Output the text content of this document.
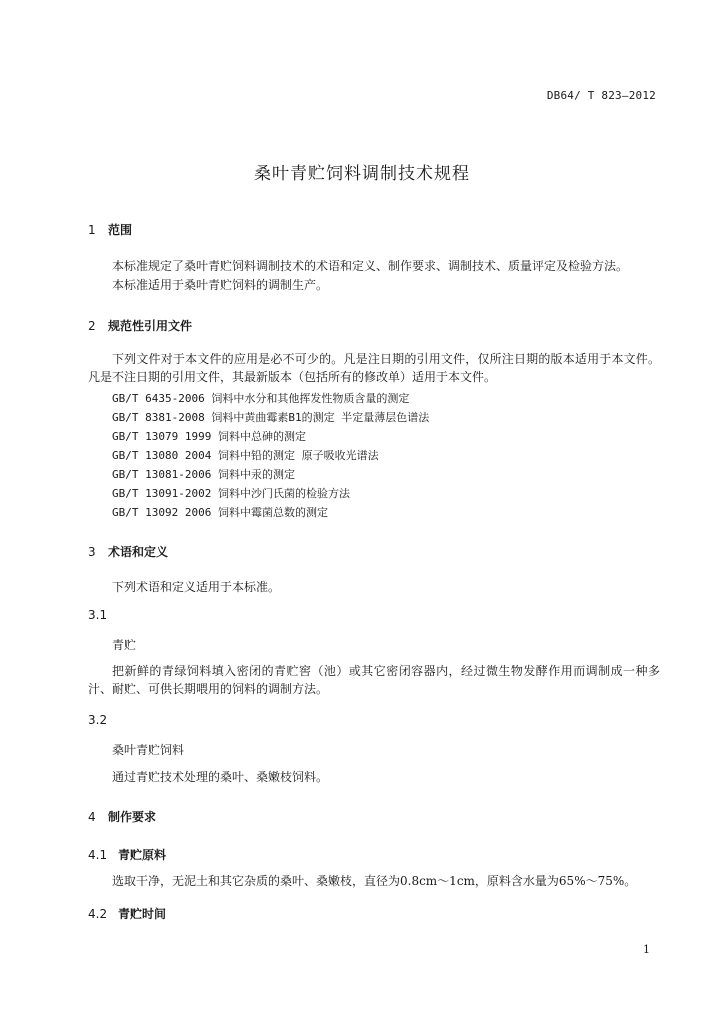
DB64/ T 823—2012
桑叶青贮饲料调制技术规程
1 范围
本标准规定了桑叶青贮饲料调制技术的术语和定义、制作要求、调制技术、质量评定及检验方法。
本标准适用于桑叶青贮饲料的调制生产。
2 规范性引用文件
下列文件对于本文件的应用是必不可少的。凡是注日期的引用文件，仅所注日期的版本适用于本文件。凡是不注日期的引用文件，其最新版本（包括所有的修改单）适用于本文件。
GB/T 6435-2006 饲料中水分和其他挥发性物质含量的测定
GB/T 8381-2008 饲料中黄曲霉素B1的测定 半定量薄层色谱法
GB/T 13079 1999 饲料中总砷的测定
GB/T 13080 2004 饲料中铅的测定 原子吸收光谱法
GB/T 13081-2006 饲料中汞的测定
GB/T 13091-2002 饲料中沙门氏菌的检验方法
GB/T 13092 2006 饲料中霉菌总数的测定
3 术语和定义
下列术语和定义适用于本标准。
3.1
青贮
把新鲜的青绿饲料填入密闭的青贮窖（池）或其它密闭容器内，经过微生物发酵作用而调制成一种多汁、耐贮、可供长期喂用的饲料的调制方法。
3.2
桑叶青贮饲料
通过青贮技术处理的桑叶、桑嫩枝饲料。
4 制作要求
4.1 青贮原料
选取干净，无泥土和其它杂质的桑叶、桑嫩枝，直径为0.8cm～1cm，原料含水量为65%～75%。
4.2 青贮时间
1
